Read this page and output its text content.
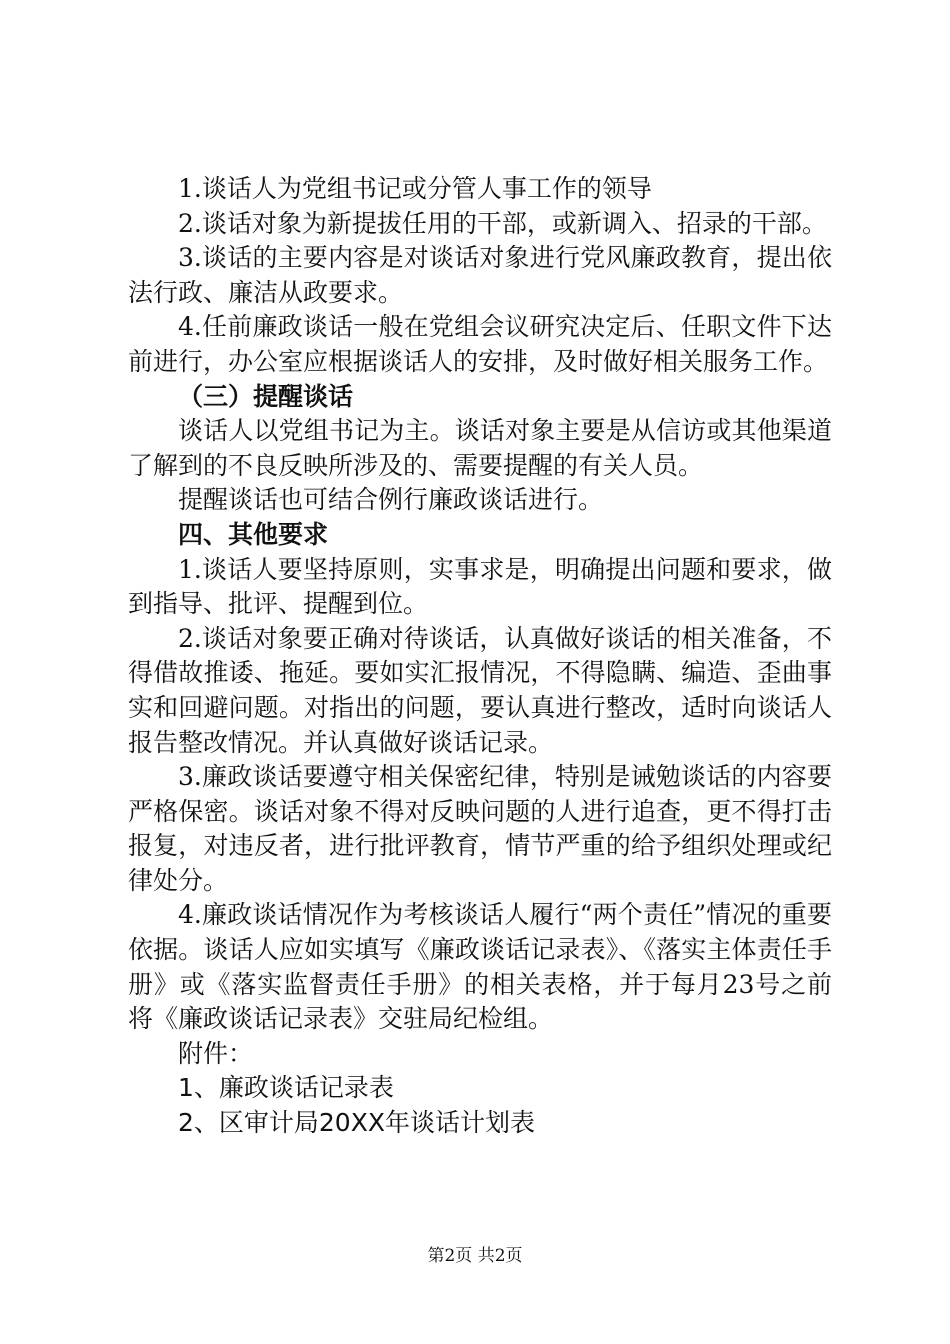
1.谈话人为党组书记或分管人事工作的领导

2.谈话对象为新提拔任用的干部，或新调入、招录的干部。

3.谈话的主要内容是对谈话对象进行党风廉政教育，提出依法行政、廉洁从政要求。

4.任前廉政谈话一般在党组会议研究决定后、任职文件下达前进行，办公室应根据谈话人的安排，及时做好相关服务工作。

（三）提醒谈话

谈话人以党组书记为主。谈话对象主要是从信访或其他渠道了解到的不良反映所涉及的、需要提醒的有关人员。

提醒谈话也可结合例行廉政谈话进行。

四、其他要求

1.谈话人要坚持原则，实事求是，明确提出问题和要求，做到指导、批评、提醒到位。

2.谈话对象要正确对待谈话，认真做好谈话的相关准备，不得借故推诿、拖延。要如实汇报情况，不得隐瞒、编造、歪曲事实和回避问题。对指出的问题，要认真进行整改，适时向谈话人报告整改情况。并认真做好谈话记录。

3.廉政谈话要遵守相关保密纪律，特别是诫勉谈话的内容要严格保密。谈话对象不得对反映问题的人进行追查，更不得打击报复，对违反者，进行批评教育，情节严重的给予组织处理或纪律处分。

4.廉政谈话情况作为考核谈话人履行“两个责任”情况的重要依据。谈话人应如实填写《廉政谈话记录表》、《落实主体责任手册》或《落实监督责任手册》的相关表格，并于每月23号之前将《廉政谈话记录表》交驻局纪检组。

附件：

1、廉政谈话记录表

2、区审计局20XX年谈话计划表

第2页 共2页
